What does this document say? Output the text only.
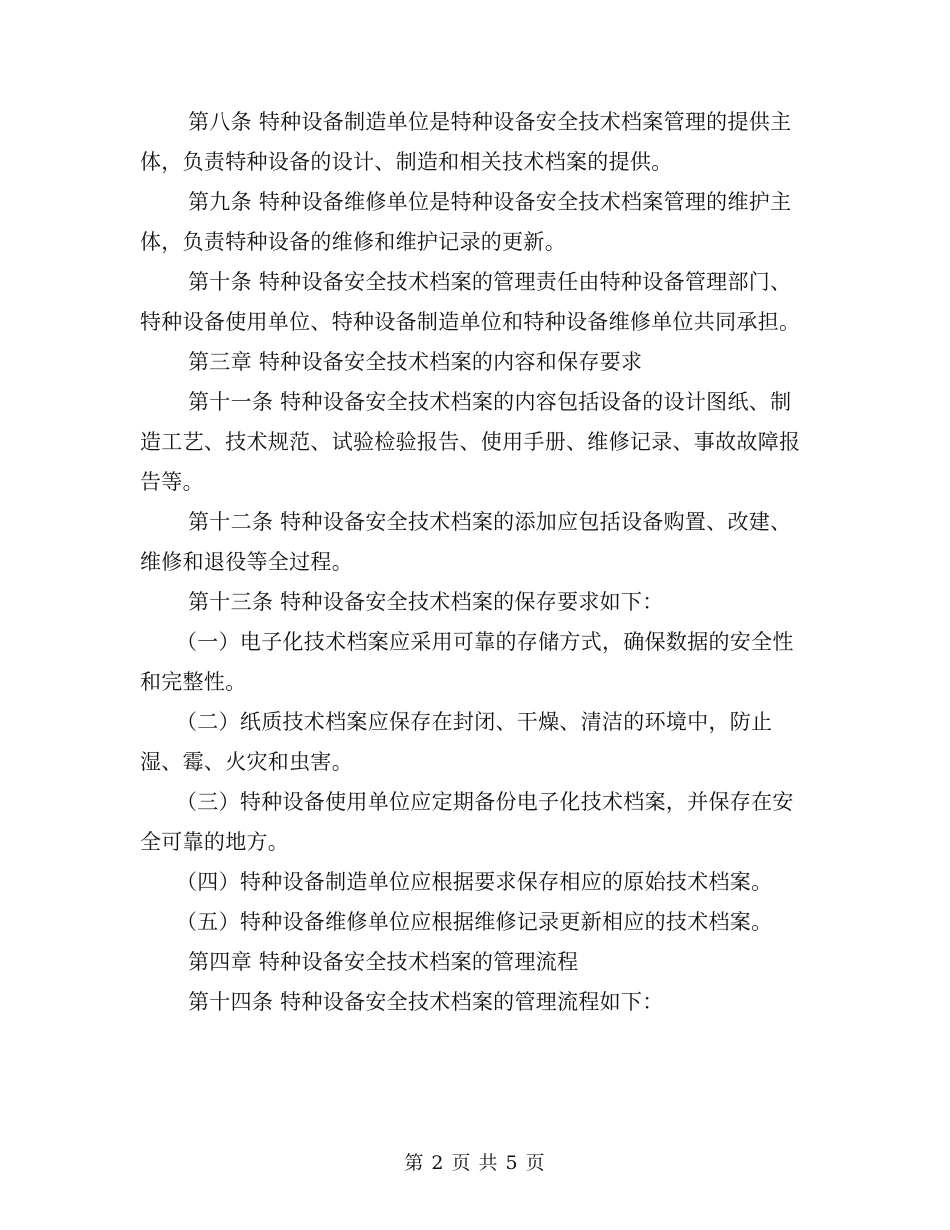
第八条 特种设备制造单位是特种设备安全技术档案管理的提供主体，负责特种设备的设计、制造和相关技术档案的提供。

第九条 特种设备维修单位是特种设备安全技术档案管理的维护主体，负责特种设备的维修和维护记录的更新。

第十条 特种设备安全技术档案的管理责任由特种设备管理部门、特种设备使用单位、特种设备制造单位和特种设备维修单位共同承担。

第三章 特种设备安全技术档案的内容和保存要求

第十一条 特种设备安全技术档案的内容包括设备的设计图纸、制造工艺、技术规范、试验检验报告、使用手册、维修记录、事故故障报告等。

第十二条 特种设备安全技术档案的添加应包括设备购置、改建、维修和退役等全过程。

第十三条 特种设备安全技术档案的保存要求如下：

（一）电子化技术档案应采用可靠的存储方式，确保数据的安全性和完整性。

（二）纸质技术档案应保存在封闭、干燥、清洁的环境中，防止湿、霉、火灾和虫害。

（三）特种设备使用单位应定期备份电子化技术档案，并保存在安全可靠的地方。

（四）特种设备制造单位应根据要求保存相应的原始技术档案。

（五）特种设备维修单位应根据维修记录更新相应的技术档案。

第四章 特种设备安全技术档案的管理流程

第十四条 特种设备安全技术档案的管理流程如下：

第 2 页 共 5 页
